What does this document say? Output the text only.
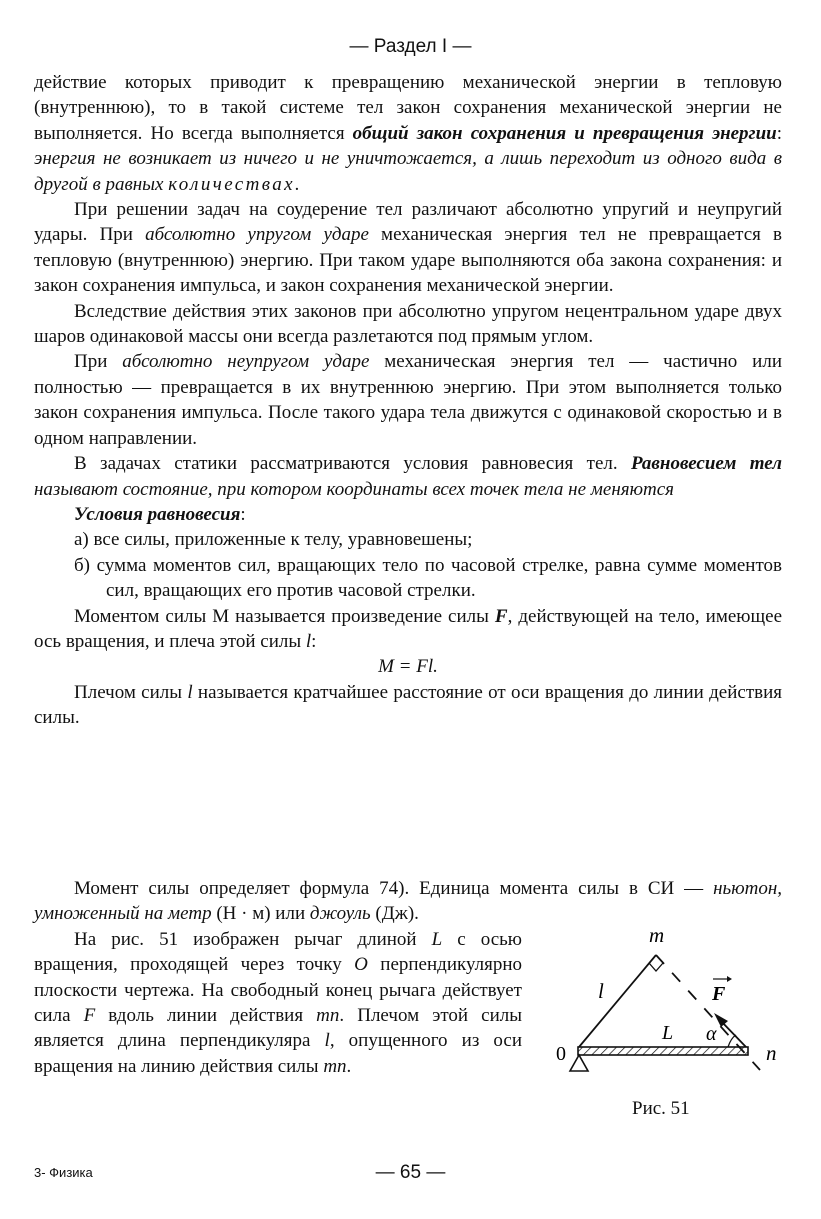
— Раздел I —

действие которых приводит к превращению механической энергии в тепловую (внутреннюю), то в такой системе тел закон сохранения механической энергии не выполняется. Но всегда выполняется общий закон сохранения и превращения энергии: энергия не возникает из ничего и не уничтожается, а лишь переходит из одного вида в другой в равных количествах.

При решении задач на соудерение тел различают абсолютно упругий и неупругий удары. При абсолютно упругом ударе механическая энергия тел не превращается в тепловую (внутреннюю) энергию. При таком ударе выполняются оба закона сохранения: и закон сохранения импульса, и закон сохранения механической энергии.

Вследствие действия этих законов при абсолютно упругом нецентральном ударе двух шаров одинаковой массы они всегда разлетаются под прямым углом.

При абсолютно неупругом ударе механическая энергия тел — частично или полностью — превращается в их внутреннюю энергию. При этом выполняется только закон сохранения импульса. После такого удара тела движутся с одинаковой скоростью и в одном направлении.

В задачах статики рассматриваются условия равновесия тел. Равновесием тел называют состояние, при котором координаты всех точек тела не меняются

Условия равновесия:

а) все силы, приложенные к телу, уравновешены;

б) сумма моментов сил, вращающих тело по часовой стрелке, равна сумме моментов сил, вращающих его против часовой стрелки.

Моментом силы М называется произведение силы F, действующей на тело, имеющее ось вращения, и плеча этой силы l:

M = Fl.

Плечом силы l называется кратчайшее расстояние от оси вращения до линии действия силы.

Момент силы определяет формула 74). Единица момента силы в СИ — ньютон, умноженный на метр (Н · м) или джоуль (Дж).

На рис. 51 изображен рычаг длиной L с осью вращения, проходящей через точку O перпендикулярно плоскости чертежа. На свободный конец рычага действует сила F вдоль линии действия mn. Плечом этой силы является длина перпендикуляра l, опущенного из оси вращения на линию действия силы mn.

m
l	F
L α
0	n
Рис. 51
3- Физика	— 65 —
